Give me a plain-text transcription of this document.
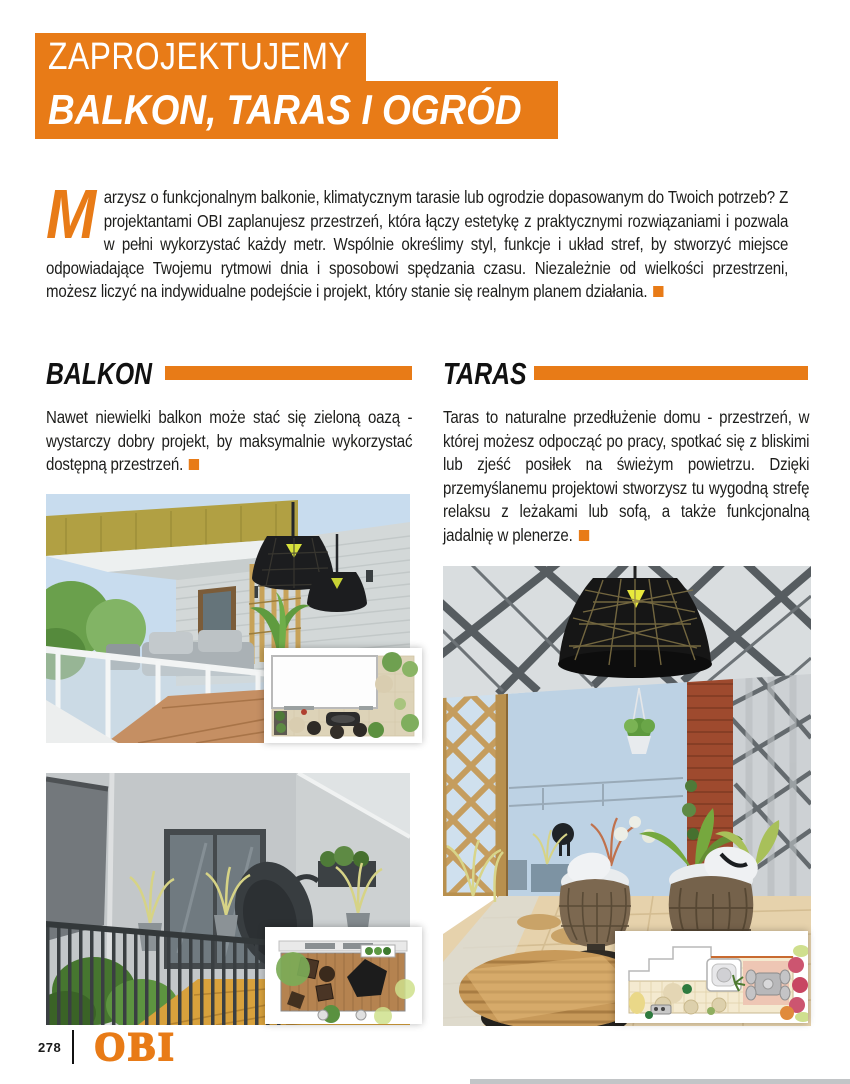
ZAPROJEKTUJEMY
BALKON, TARAS I OGRÓD

Marzysz o funkcjonalnym balkonie, klimatycznym tarasie lub ogrodzie dopasowanym do Twoich potrzeb? Z projektantami OBI zaplanujesz przestrzeń, która łączy estetykę z praktycznymi rozwiązaniami i pozwala w pełni wykorzystać każdy metr. Wspólnie określimy styl, funkcje i układ stref, by stworzyć miejsce odpowiadające Twojemu rytmowi dnia i sposobowi spędzania czasu. Niezależnie od wielkości przestrzeni, możesz liczyć na indywidualne podejście i projekt, który stanie się realnym planem działania.

BALKON

Nawet niewielki balkon może stać się zieloną oazą - wystarczy dobry projekt, by maksymalnie wykorzystać dostępną przestrzeń.

TARAS

Taras to naturalne przedłużenie domu - przestrzeń, w której możesz odpocząć po pracy, spotkać się z bliskimi lub zjeść posiłek na świeżym powietrzu. Dzięki przemyślanemu projektowi stworzysz tu wygodną strefę relaksu z leżakami lub sofą, a także funkcjonalną jadalnię w plenerze.

278 OBI
